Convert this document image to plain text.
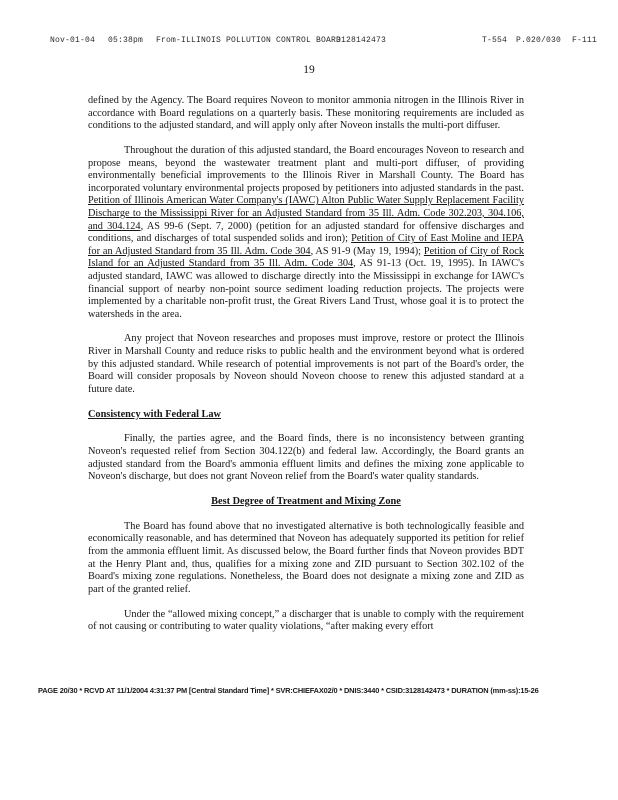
Nov-01-04 05:38pm From-ILLINOIS POLLUTION CONTROL BOARD
3128142473	T-554 P.020/030 F-111
19

defined by the Agency. The Board requires Noveon to monitor ammonia nitrogen in the Illinois River in accordance with Board regulations on a quarterly basis. These monitoring requirements are included as conditions to the adjusted standard, and will apply only after Noveon installs the multi-port diffuser.

Throughout the duration of this adjusted standard, the Board encourages Noveon to research and propose means, beyond the wastewater treatment plant and multi-port diffuser, of providing environmentally beneficial improvements to the Illinois River in Marshall County. The Board has incorporated voluntary environmental projects proposed by petitioners into adjusted standards in the past. Petition of Illinois American Water Company's (IAWC) Alton Public Water Supply Replacement Facility Discharge to the Mississippi River for an Adjusted Standard from 35 Ill. Adm. Code 302.203, 304.106, and 304.124, AS 99-6 (Sept. 7, 2000) (petition for an adjusted standard for offensive discharges and conditions, and discharges of total suspended solids and iron); Petition of City of East Moline and IEPA for an Adjusted Standard from 35 Ill. Adm. Code 304, AS 91-9 (May 19, 1994); Petition of City of Rock Island for an Adjusted Standard from 35 Ill. Adm. Code 304, AS 91-13 (Oct. 19, 1995). In IAWC's adjusted standard, IAWC was allowed to discharge directly into the Mississippi in exchange for IAWC's financial support of nearby non-point source sediment loading reduction projects. The projects were implemented by a charitable non-profit trust, the Great Rivers Land Trust, whose goal it is to protect the watersheds in the area.

Any project that Noveon researches and proposes must improve, restore or protect the Illinois River in Marshall County and reduce risks to public health and the environment beyond what is ordered by this adjusted standard. While research of potential improvements is not part of the Board's order, the Board will consider proposals by Noveon should Noveon choose to renew this adjusted standard at a future date.

Consistency with Federal Law

Finally, the parties agree, and the Board finds, there is no inconsistency between granting Noveon's requested relief from Section 304.122(b) and federal law. Accordingly, the Board grants an adjusted standard from the Board's ammonia effluent limits and defines the mixing zone applicable to Noveon's discharge, but does not grant Noveon relief from the Board's water quality standards.

Best Degree of Treatment and Mixing Zone

The Board has found above that no investigated alternative is both technologically feasible and economically reasonable, and has determined that Noveon has adequately supported its petition for relief from the ammonia effluent limit. As discussed below, the Board further finds that Noveon provides BDT at the Henry Plant and, thus, qualifies for a mixing zone and ZID pursuant to Section 302.102 of the Board's mixing zone regulations. Nonetheless, the Board does not designate a mixing zone and ZID as part of the granted relief.

Under the “allowed mixing concept,” a discharger that is unable to comply with the requirement of not causing or contributing to water quality violations, “after making every effort

PAGE 20/30 * RCVD AT 11/1/2004 4:31:37 PM [Central Standard Time] * SVR:CHIEFAX02/0 * DNIS:3440 * CSID:3128142473 * DURATION (mm-ss):15-26
